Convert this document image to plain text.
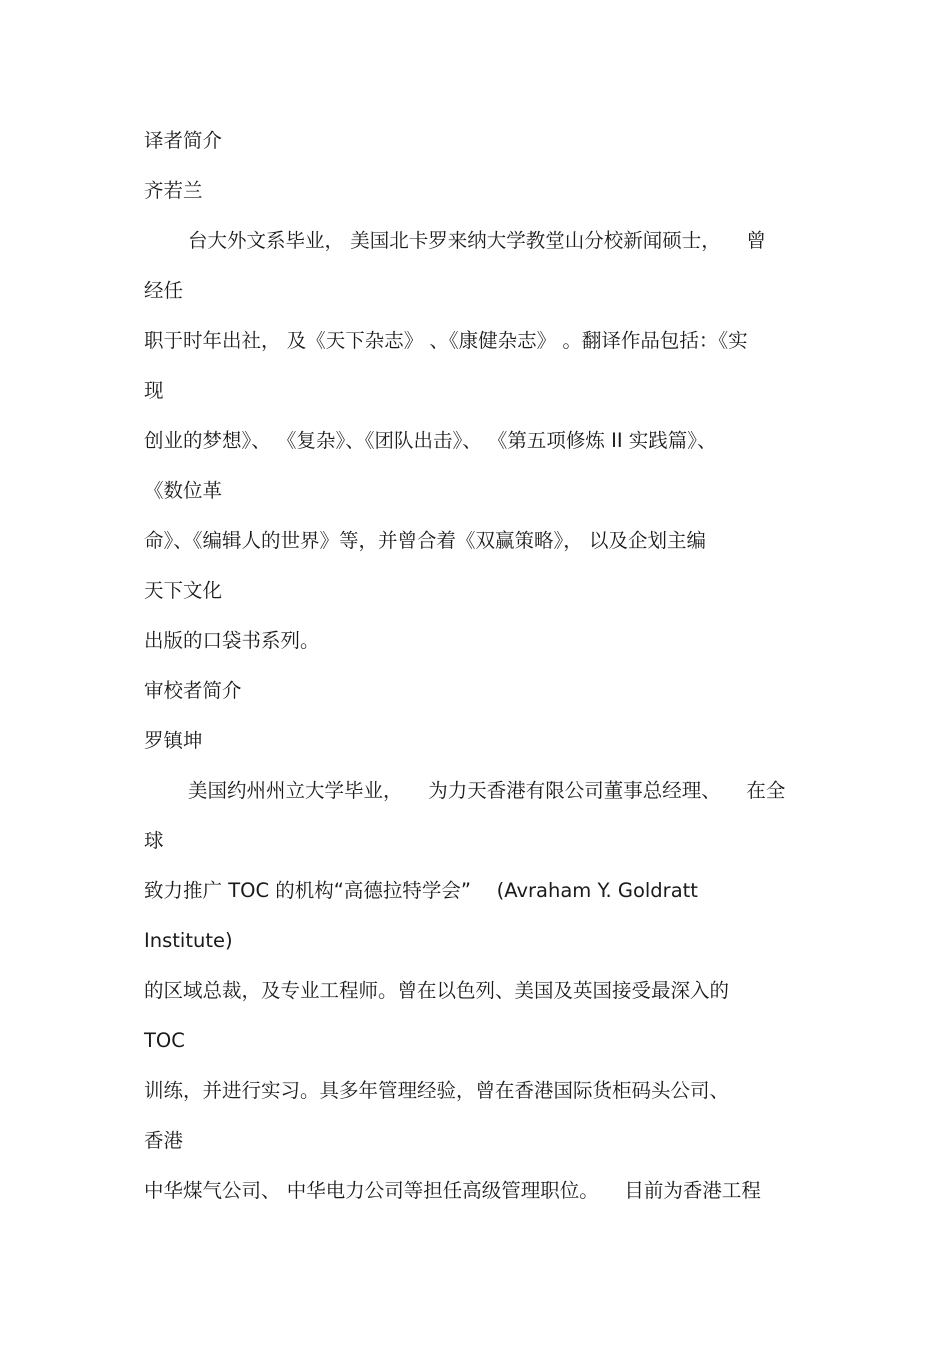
译者简介
齐若兰
台大外文系毕业， 美国北卡罗来纳大学教堂山分校新闻硕士， 　曾
经任
职于时年出社， 及《天下杂志》 、《康健杂志》 。翻译作品包括：《实
现
创业的梦想》、 《复杂》、《团队出击》、 《第五项修炼 II 实践篇》、
《数位革
命》、《编辑人的世界》等，并曾合着《双赢策略》， 以及企划主编
天下文化
出版的口袋书系列。
审校者简介
罗镇坤
美国约州州立大学毕业， 　为力天香港有限公司董事总经理、 　在全
球
致力推广 TOC 的机构“高德拉特学会” 　(Avraham Y. Goldratt
Institute)
的区域总裁，及专业工程师。曾在以色列、美国及英国接受最深入的
TOC
训练，并进行实习。具多年管理经验，曾在香港国际货柜码头公司、
香港
中华煤气公司、 中华电力公司等担任高级管理职位。 　目前为香港工程
